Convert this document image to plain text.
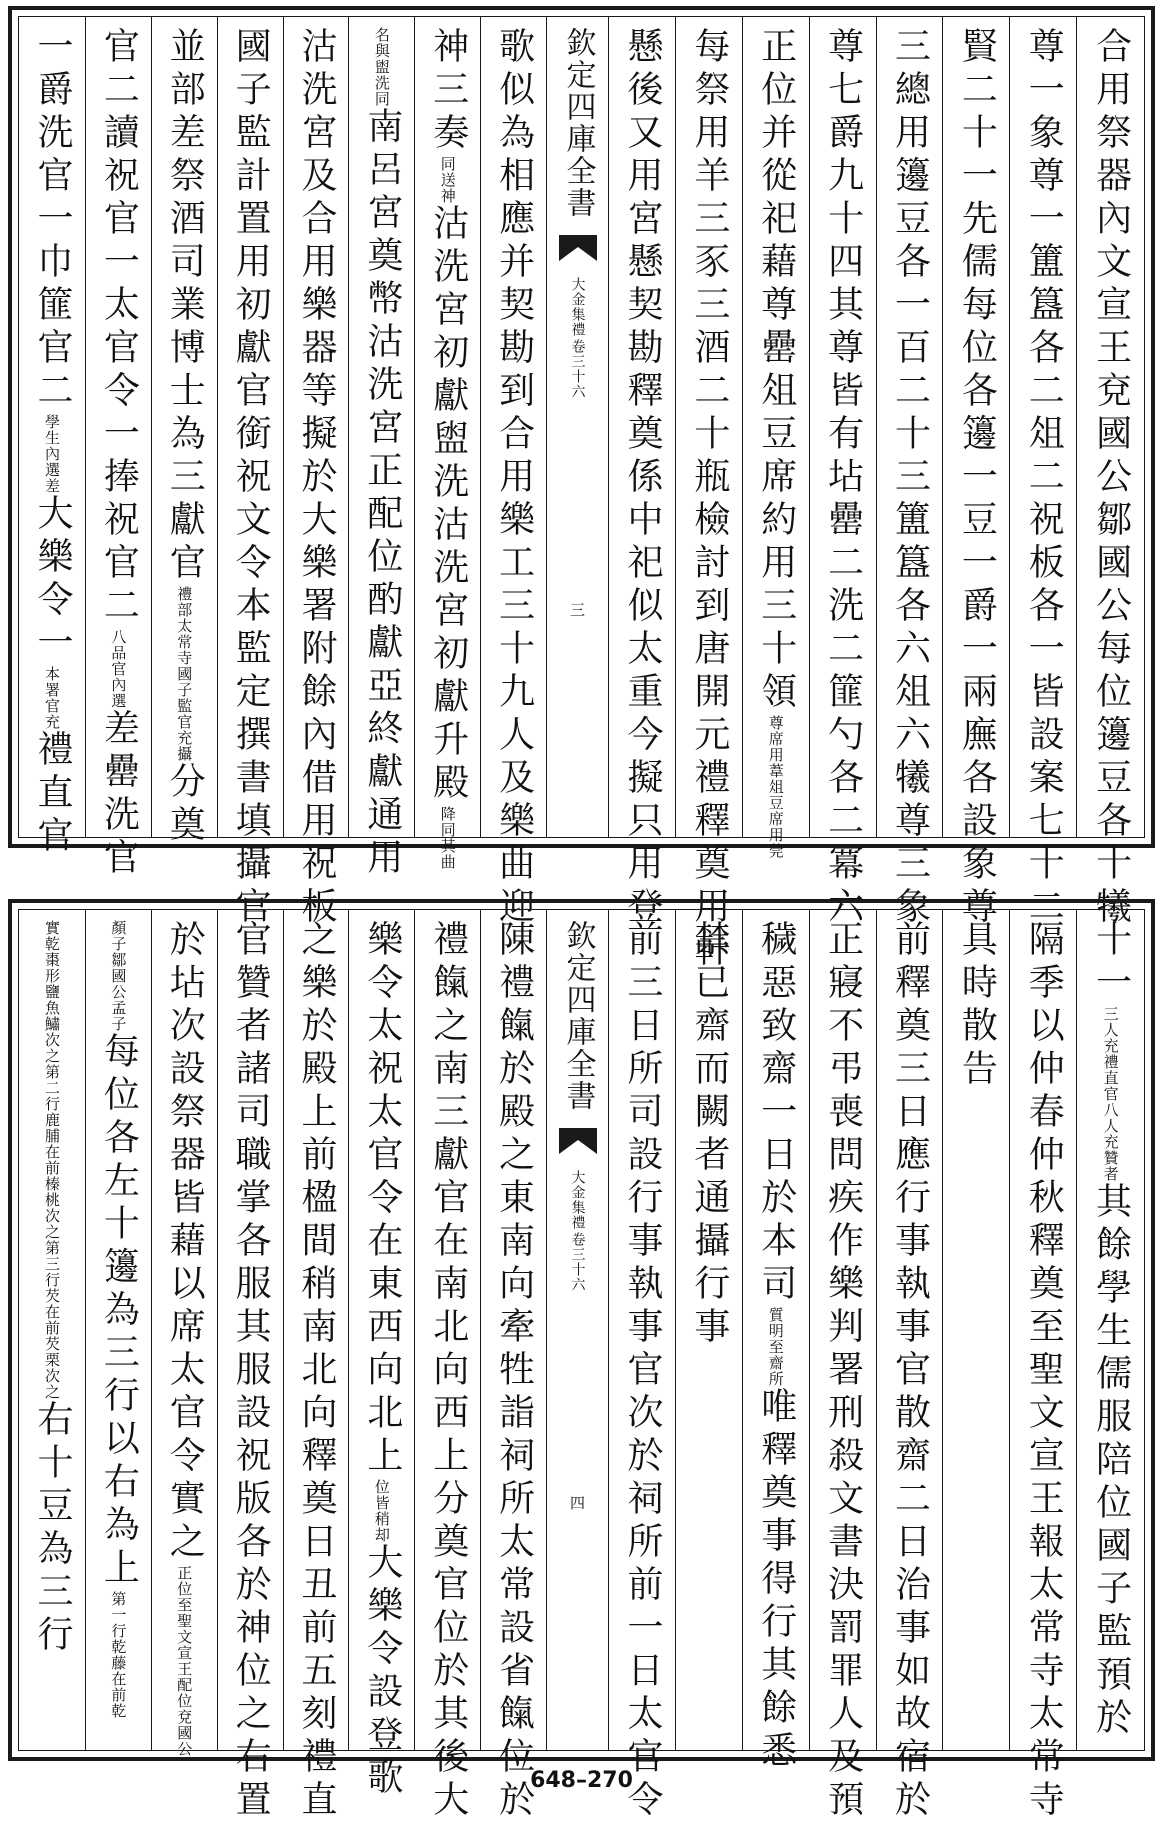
合用祭器內文宣王兗國公鄒國公每位籩豆各十犧
尊一象尊一簠簋各二俎二祝板各一皆設案七十二
賢二十一先儒每位各籩一豆一爵一兩廡各設象尊
三總用籩豆各一百二十三簠簋各六俎六犧尊三象
尊七爵九十四其尊皆有坫罍二洗二篚勺各二冪六
正位并從祀藉尊罍俎豆席約用三十領
尊席用葦俎
豆席用莞
每祭用羊三豕三酒二十瓶檢討到唐開元禮釋奠用軒
懸後又用宮懸契勘釋奠係中祀似太重今擬只用登
欽定四庫全書
大金集禮
卷三十六
三
歌似為相應并契勘到合用樂工三十九人及樂曲迎
神三奏
同送神
沽洗宮初獻盥洗沽洗宮初獻升殿
降同
其曲
名與盥
洗同
南呂宮奠幣沽洗宮正配位酌獻亞終獻通用
沽洗宮及合用樂器等擬於大樂署附餘內借用祝板
國子監計置用初獻官銜祝文令本監定撰書填攝官
並部差祭酒司業博士為三獻官
禮部太常寺國
子監官充攝
分奠
官二讀祝官一太官令一捧祝官二
八品官
內選
差罍洗官
一爵洗官一巾篚官二
學生內
選差
大樂令一
本署
官充
禮直官
十一
三人充禮直官
八人充贊者
其餘學生儒服陪位國子監預於
隔季以仲春仲秋釋奠至聖文宣王報太常寺太常寺
具時散告
前釋奠三日應行事執事官散齋二日治事如故宿於
正寢不弔喪問疾作樂判署刑殺文書決罰罪人及預
穢惡致齋一日於本司
質明至
齋所
唯釋奠事得行其餘悉
禁已齋而闕者通攝行事
前三日所司設行事執事官次於祠所前一日太官令
欽定四庫全書
大金集禮
卷三十六
四
陳禮餼於殿之東南向牽牲詣祠所太常設省餼位於
禮餼之南三獻官在南北向西上分奠官位於其後大
樂令太祝太官令在東西向北上
位皆
稍却
大樂令設登歌
之樂於殿上前楹間稍南北向釋奠日丑前五刻禮直
官贊者諸司職掌各服其服設祝版各於神位之右置
於坫次設祭器皆藉以席太官令實之
正位至聖文宣
王配位兗國公
顏子鄒國
公孟子
每位各左十籩為三行以右為上
第一行乾
藤在前乾
實乾棗形鹽魚鱐次之第二行鹿脯在前榛
桃次之第三行芡在前芡栗次之
右十豆為三行
648–270
